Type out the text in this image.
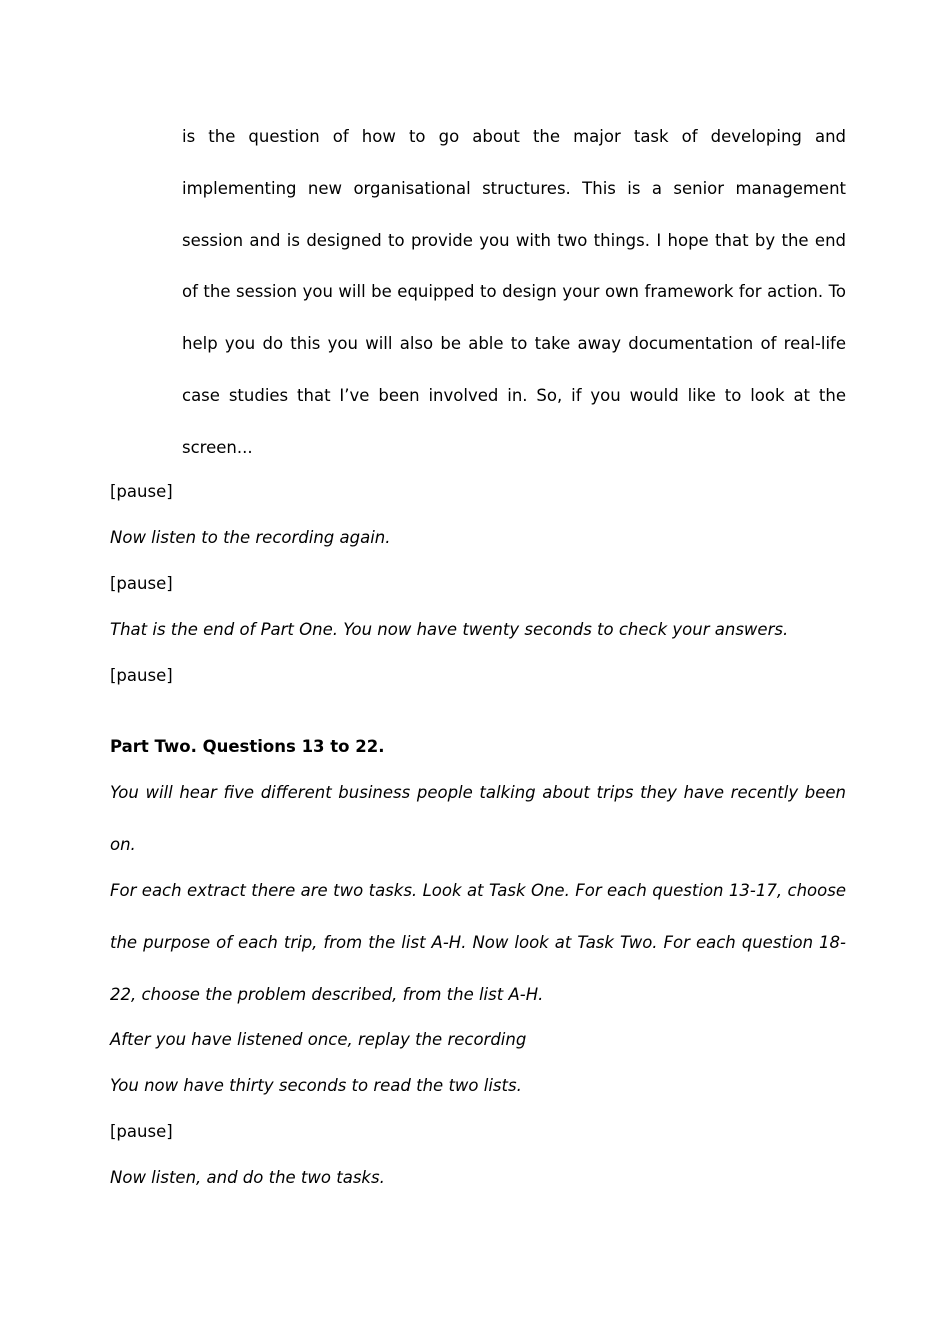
is the question of how to go about the major task of developing and implementing new organisational structures. This is a senior management session and is designed to provide you with two things. I hope that by the end of the session you will be equipped to design your own framework for action. To help you do this you will also be able to take away documentation of real-life case studies that I’ve been involved in. So, if you would like to look at the screen...

[pause]

Now listen to the recording again.

[pause]

That is the end of Part One. You now have twenty seconds to check your answers.

[pause]

Part Two. Questions 13 to 22.

You will hear five different business people talking about trips they have recently been on.

For each extract there are two tasks. Look at Task One. For each question 13-17, choose the purpose of each trip, from the list A-H. Now look at Task Two. For each question 18-22, choose the problem described, from the list A-H.

After you have listened once, replay the recording

You now have thirty seconds to read the two lists.

[pause]

Now listen, and do the two tasks.
